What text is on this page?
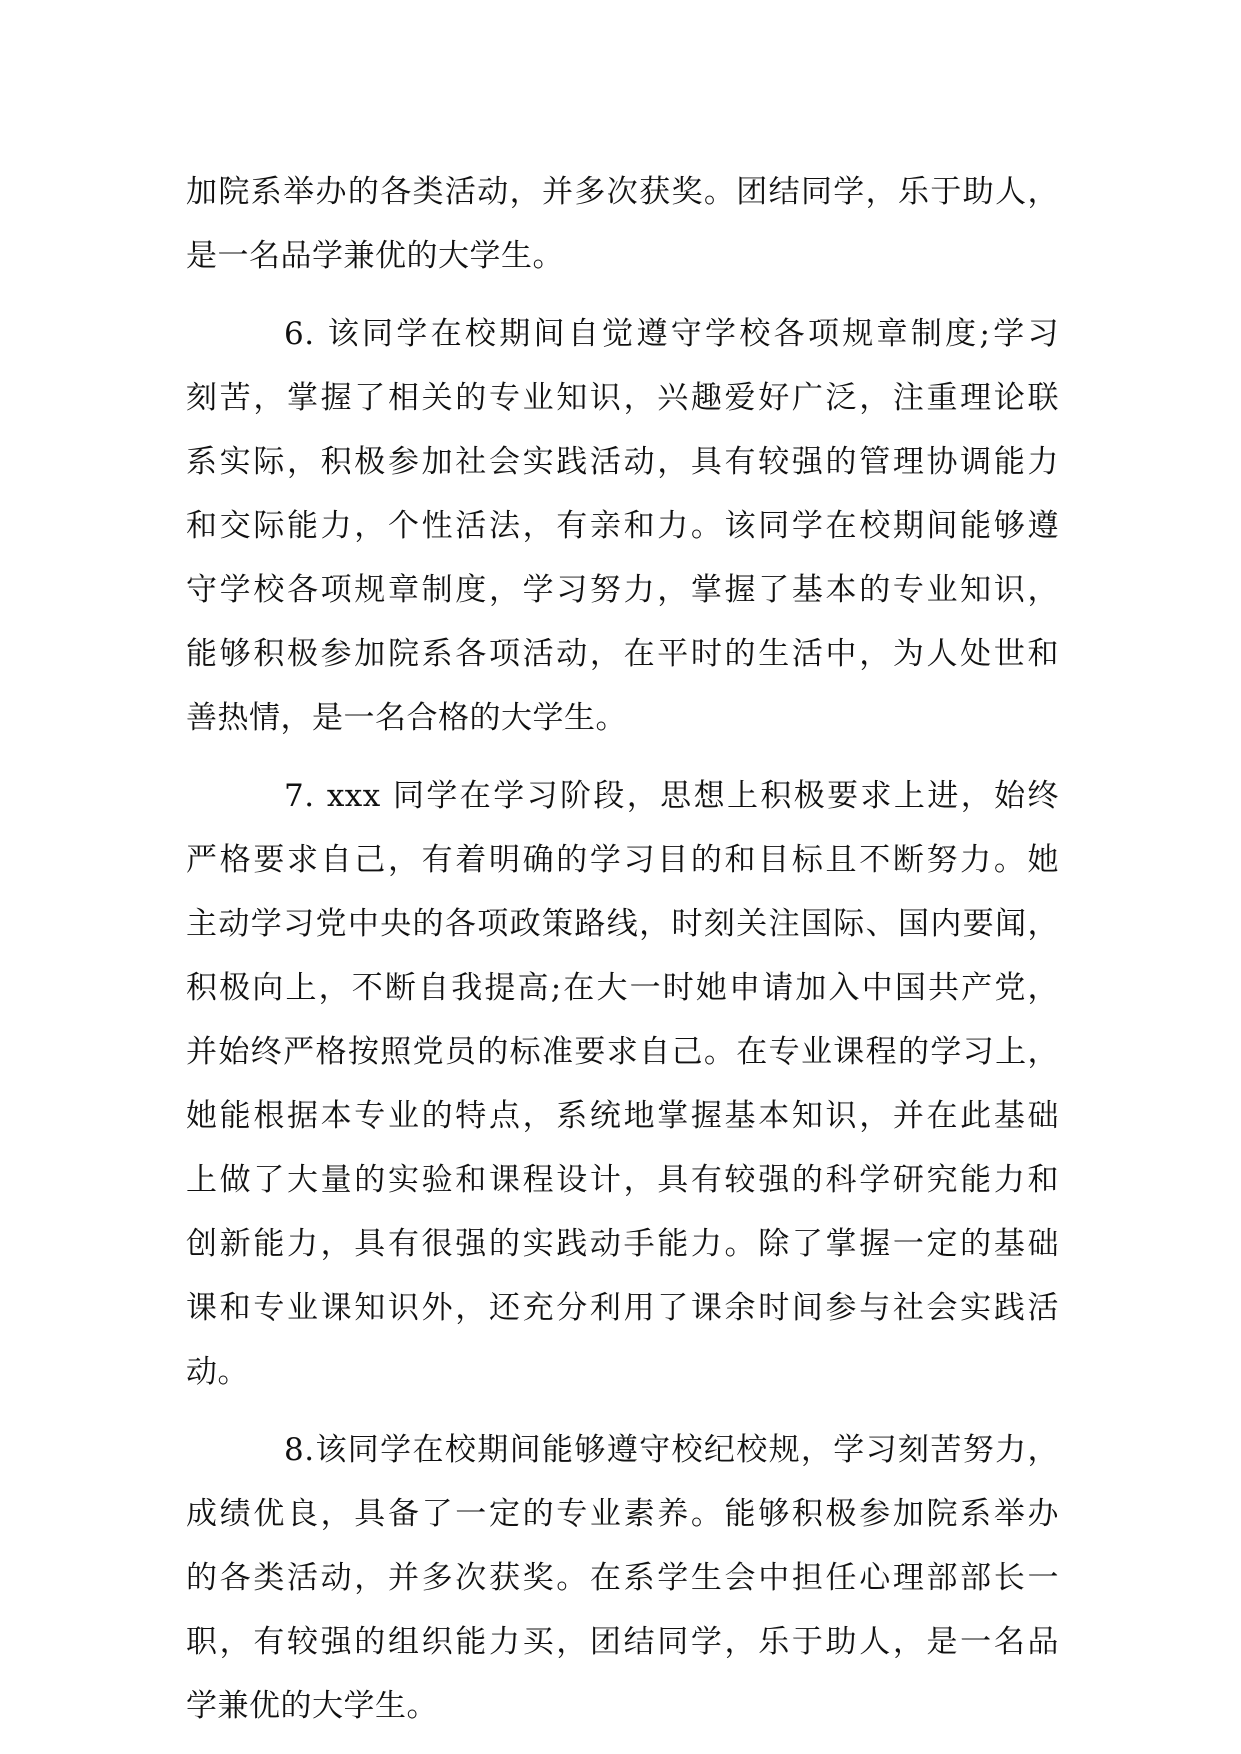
加院系举办的各类活动，并多次获奖。团结同学，乐于助人，
是一名品学兼优的大学生。
6. 该同学在校期间自觉遵守学校各项规章制度;学习
刻苦，掌握了相关的专业知识，兴趣爱好广泛，注重理论联
系实际，积极参加社会实践活动，具有较强的管理协调能力
和交际能力，个性活法，有亲和力。该同学在校期间能够遵
守学校各项规章制度，学习努力，掌握了基本的专业知识，
能够积极参加院系各项活动，在平时的生活中，为人处世和
善热情，是一名合格的大学生。
7. xxx 同学在学习阶段，思想上积极要求上进，始终
严格要求自己，有着明确的学习目的和目标且不断努力。她
主动学习党中央的各项政策路线，时刻关注国际、国内要闻，
积极向上，不断自我提高;在大一时她申请加入中国共产党，
并始终严格按照党员的标准要求自己。在专业课程的学习上，
她能根据本专业的特点，系统地掌握基本知识，并在此基础
上做了大量的实验和课程设计，具有较强的科学研究能力和
创新能力，具有很强的实践动手能力。除了掌握一定的基础
课和专业课知识外，还充分利用了课余时间参与社会实践活
动。
8.该同学在校期间能够遵守校纪校规，学习刻苦努力，
成绩优良，具备了一定的专业素养。能够积极参加院系举办
的各类活动，并多次获奖。在系学生会中担任心理部部长一
职，有较强的组织能力买，团结同学，乐于助人，是一名品
学兼优的大学生。
